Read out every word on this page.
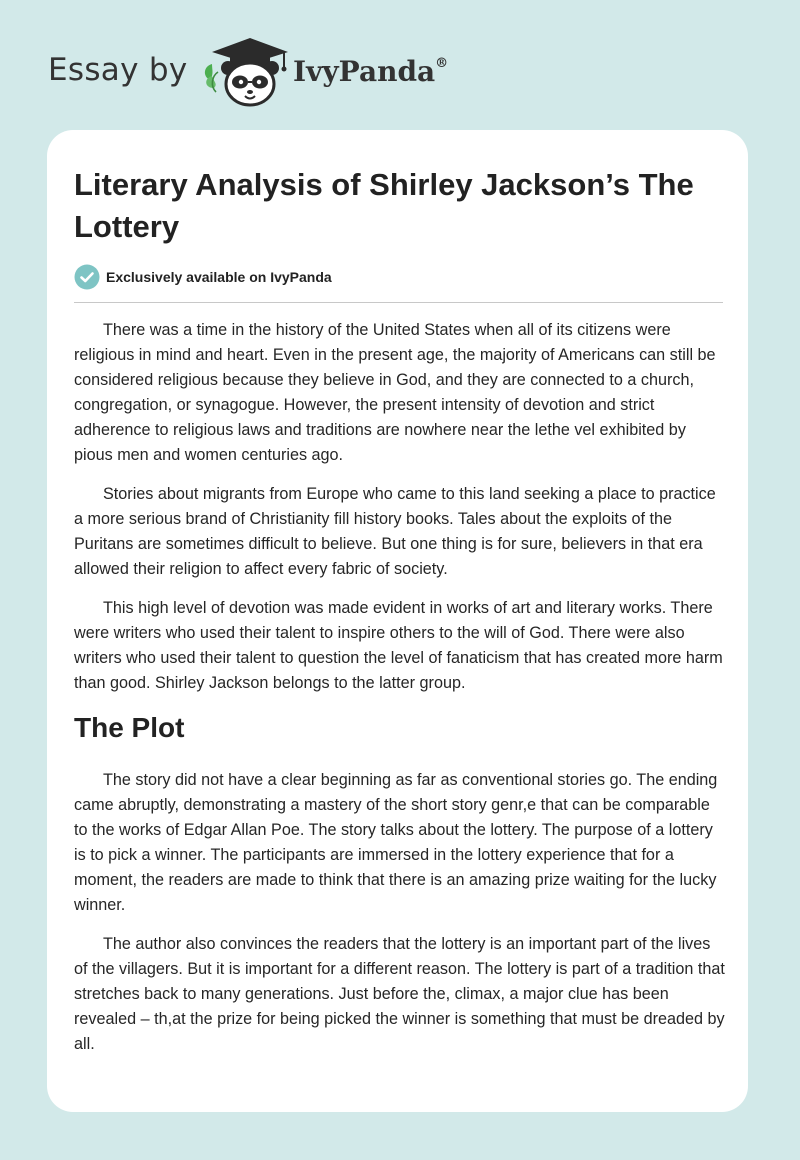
Essay by	IvyPanda®
Literary Analysis of Shirley Jackson’s The Lottery
Exclusively available on IvyPanda

There was a time in the history of the United States when all of its citizens were religious in mind and heart. Even in the present age, the majority of Americans can still be considered religious because they believe in God, and they are connected to a church, congregation, or synagogue. However, the present intensity of devotion and strict adherence to religious laws and traditions are nowhere near the lethe vel exhibited by pious men and women centuries ago.

Stories about migrants from Europe who came to this land seeking a place to practice a more serious brand of Christianity fill history books. Tales about the exploits of the Puritans are sometimes difficult to believe. But one thing is for sure, believers in that era allowed their religion to affect every fabric of society.

This high level of devotion was made evident in works of art and literary works. There were writers who used their talent to inspire others to the will of God. There were also writers who used their talent to question the level of fanaticism that has created more harm than good. Shirley Jackson belongs to the latter group.

The Plot

The story did not have a clear beginning as far as conventional stories go. The ending came abruptly, demonstrating a mastery of the short story genr,e that can be comparable to the works of Edgar Allan Poe. The story talks about the lottery. The purpose of a lottery is to pick a winner. The participants are immersed in the lottery experience that for a moment, the readers are made to think that there is an amazing prize waiting for the lucky winner.

The author also convinces the readers that the lottery is an important part of the lives of the villagers. But it is important for a different reason. The lottery is part of a tradition that stretches back to many generations. Just before the, climax, a major clue has been revealed – th,at the prize for being picked the winner is something that must be dreaded by all.
